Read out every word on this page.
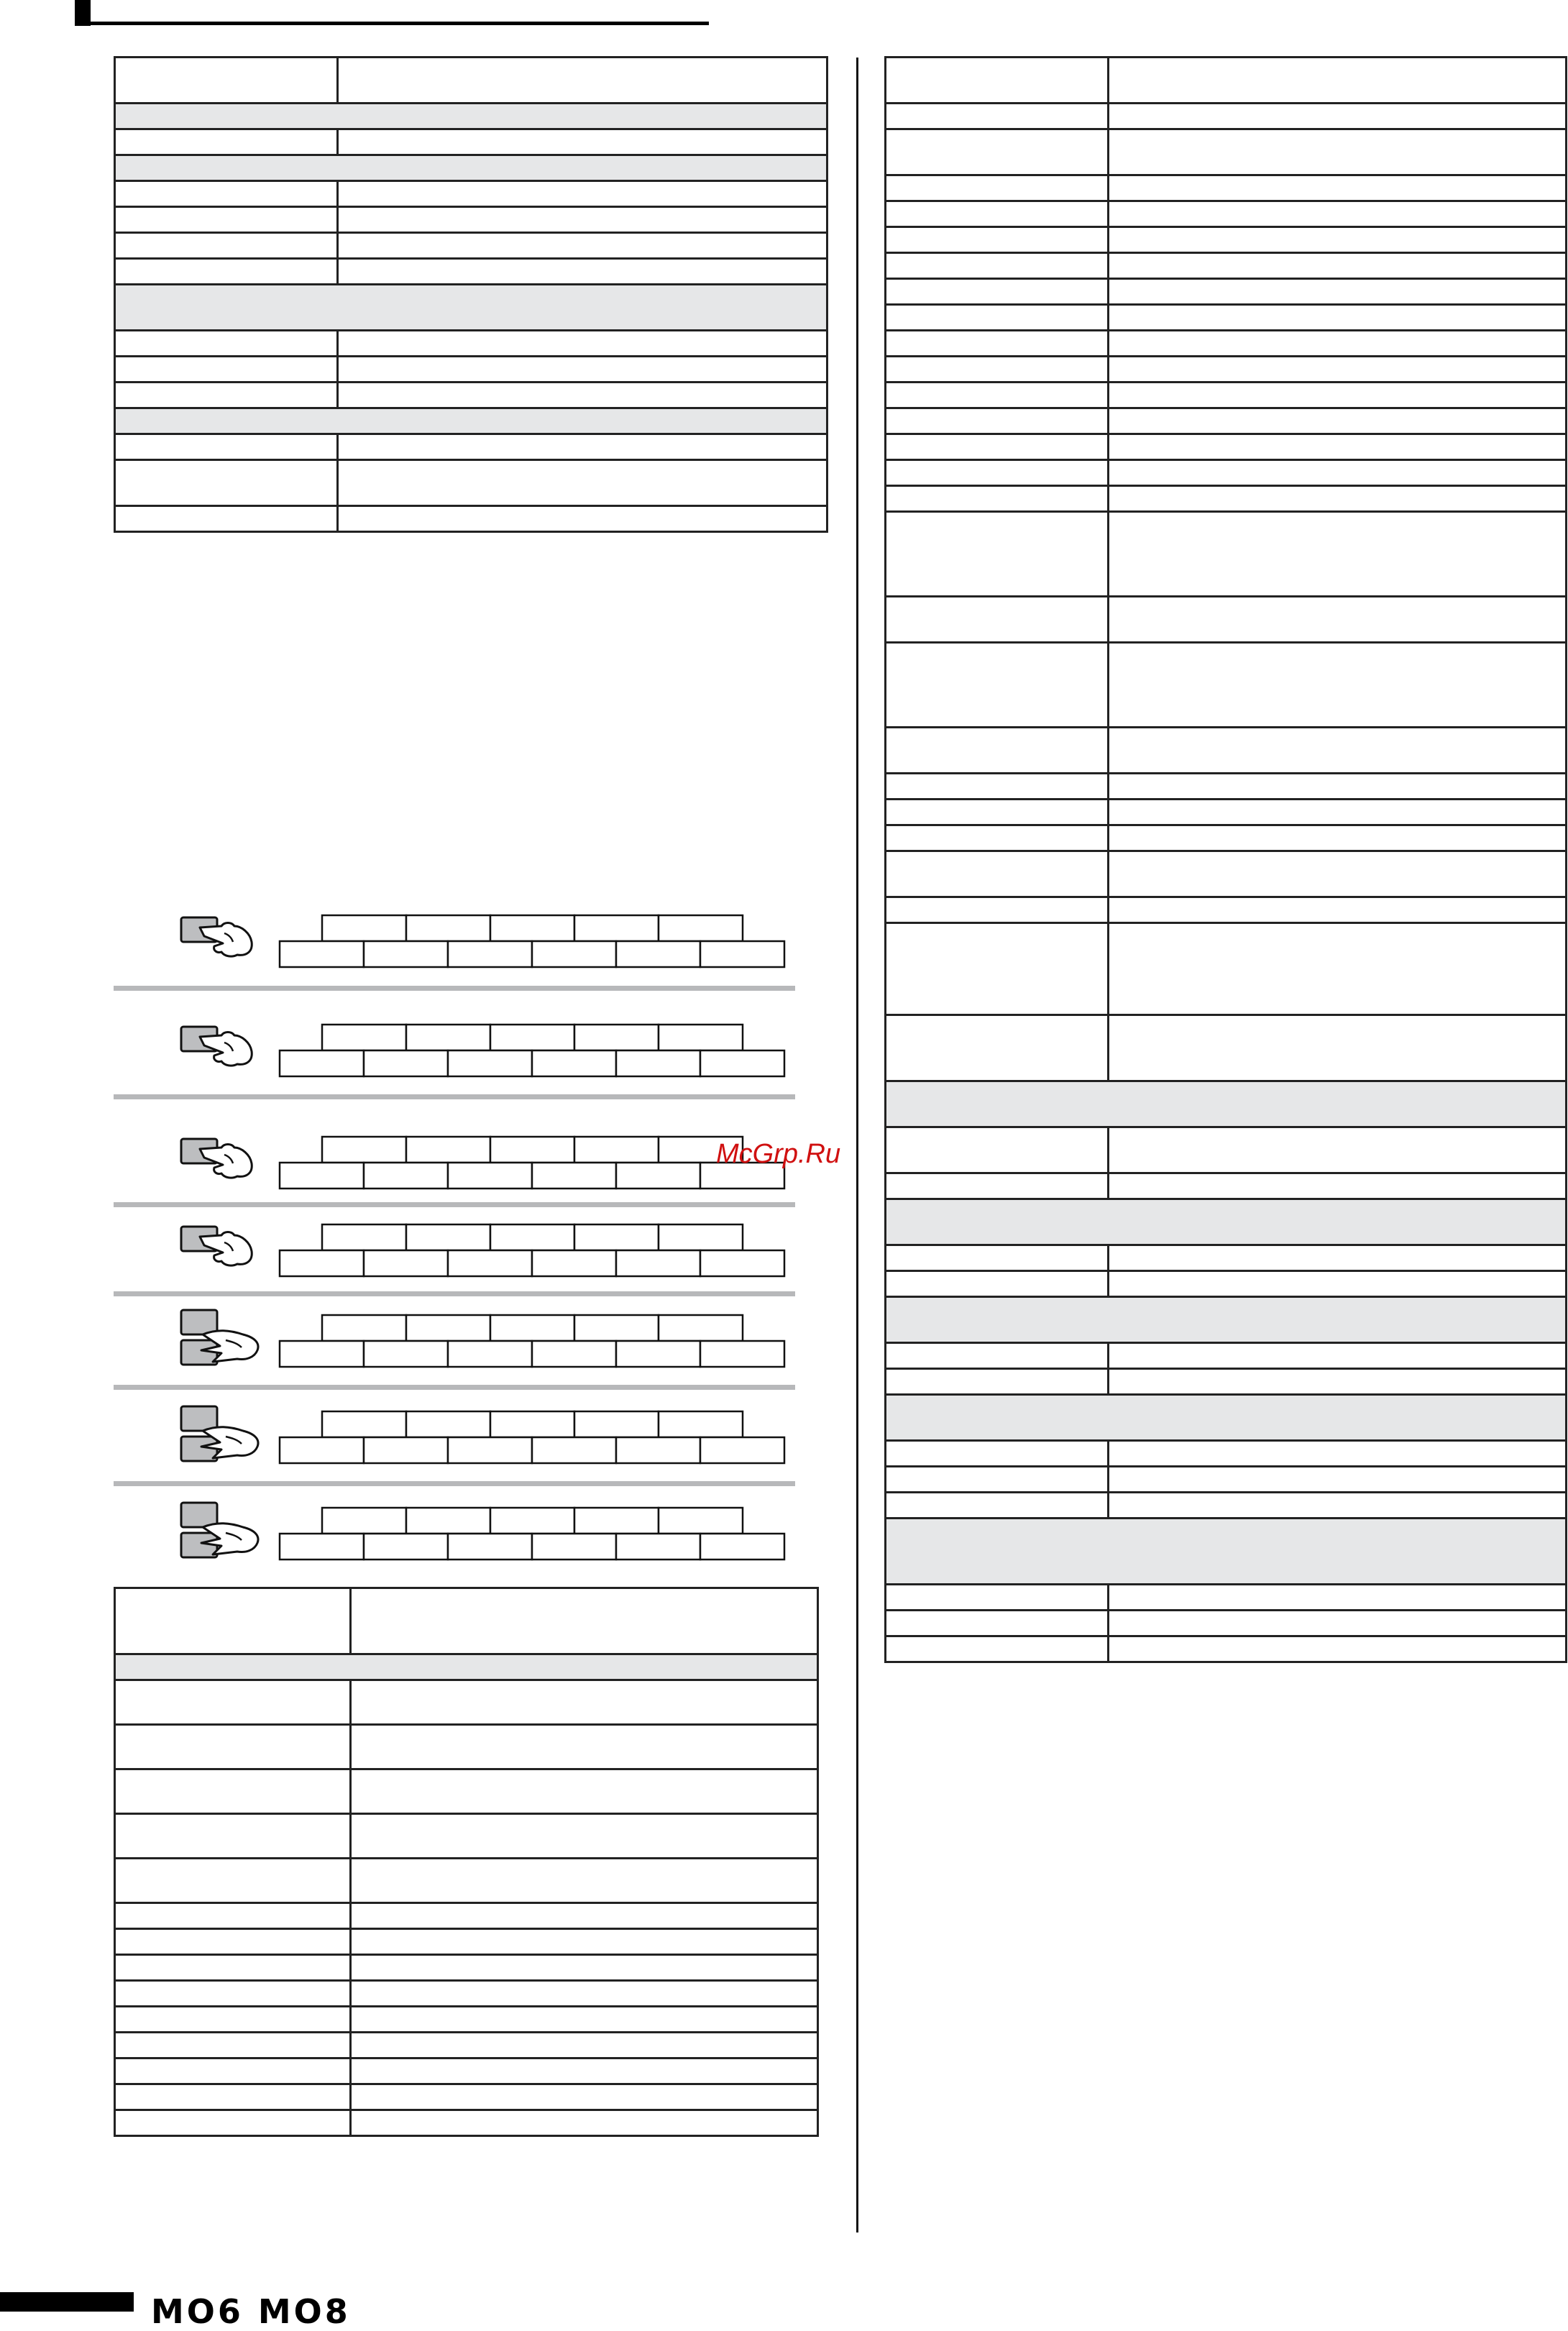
McGrp.Ru
MO6 MO8
